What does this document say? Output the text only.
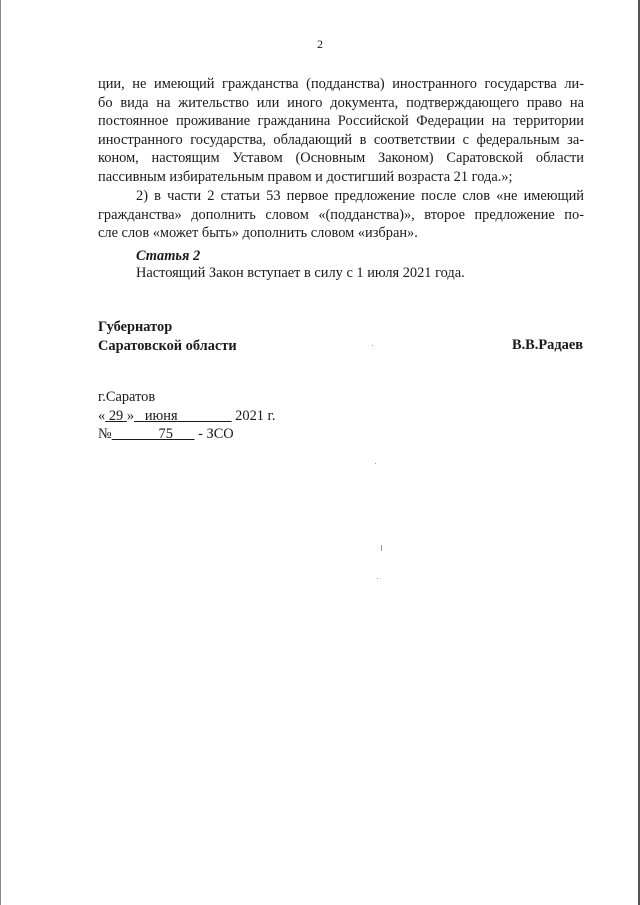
2

ции, не имеющий гражданства (подданства) иностранного государства ли-
бо вида на жительство или иного документа, подтверждающего право на
постоянное проживание гражданина Российской Федерации на территории
иностранного государства, обладающий в соответствии с федеральным за-
коном, настоящим Уставом (Основным Законом) Саратовской области
пассивным избирательным правом и достигший возраста 21 года.»;

2) в части 2 статьи 53 первое предложение после слов «не имеющий
гражданства» дополнить словом «(подданства)», второе предложение по-
сле слов «может быть» дополнить словом «избран».

Статья 2
Настоящий Закон вступает в силу с 1 июля 2021 года.
Губернатор
Саратовской области	В.В.Радаев
г.Саратов
« 29 » июня	2021 г.
№	75 - ЗСО
